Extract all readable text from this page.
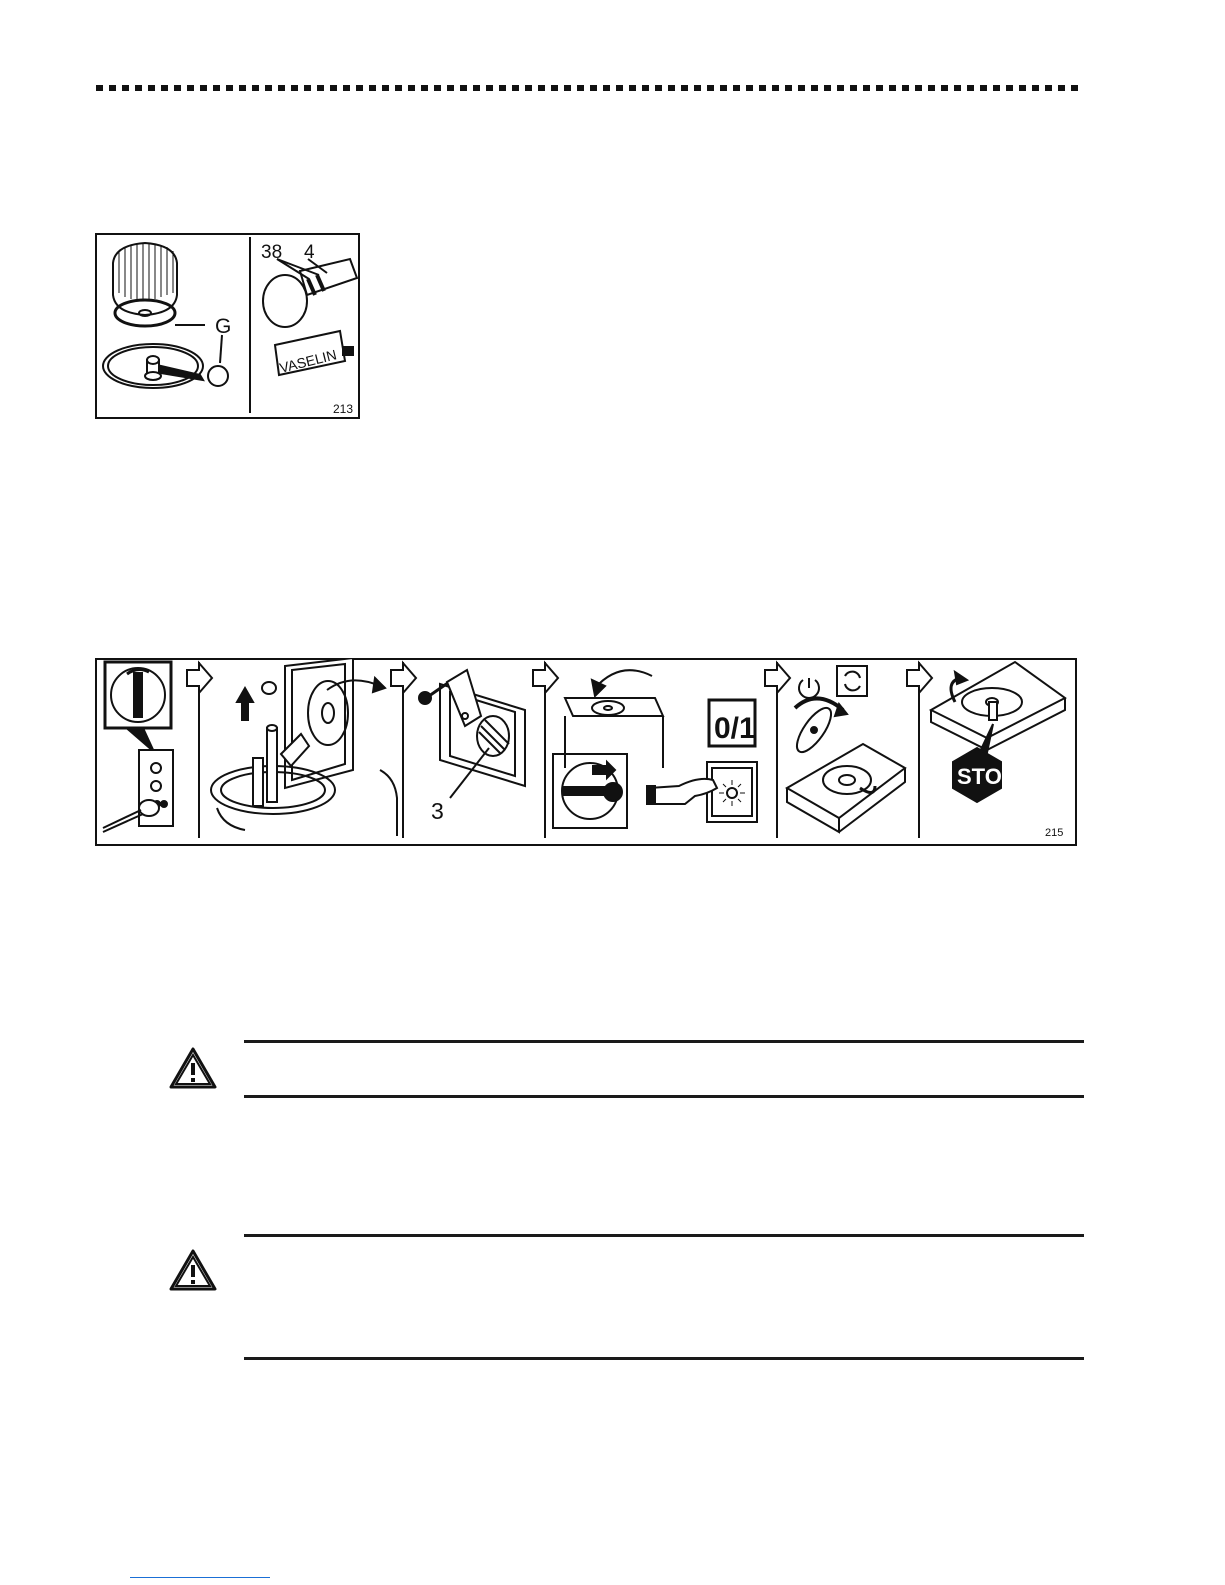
G
38 4
VASELIN
213
3
0/1
STOP
215
